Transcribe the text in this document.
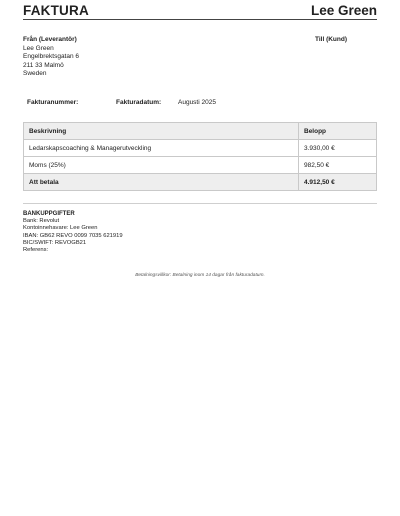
FAKTURA	Lee Green
Från (Leverantör)
Lee Green
Engelbrektsgatan 6
211 33 Malmö
Sweden
Till (Kund)
Fakturanummer:	Fakturadatum:	Augusti 2025
Beskrivning	Belopp
Ledarskapscoaching & Managerutveckling	3.930,00 €
Moms (25%)	982,50 €
Att betala	4.912,50 €
BANKUPPGIFTER
Bank: Revolut
Kontoinnehavare: Lee Green
IBAN: GB62 REVO 0099 7035 621919
BIC/SWIFT: REVOGB21
Referens:
Betalningsvillkor: Betalning inom 14 dagar från fakturadatum.
